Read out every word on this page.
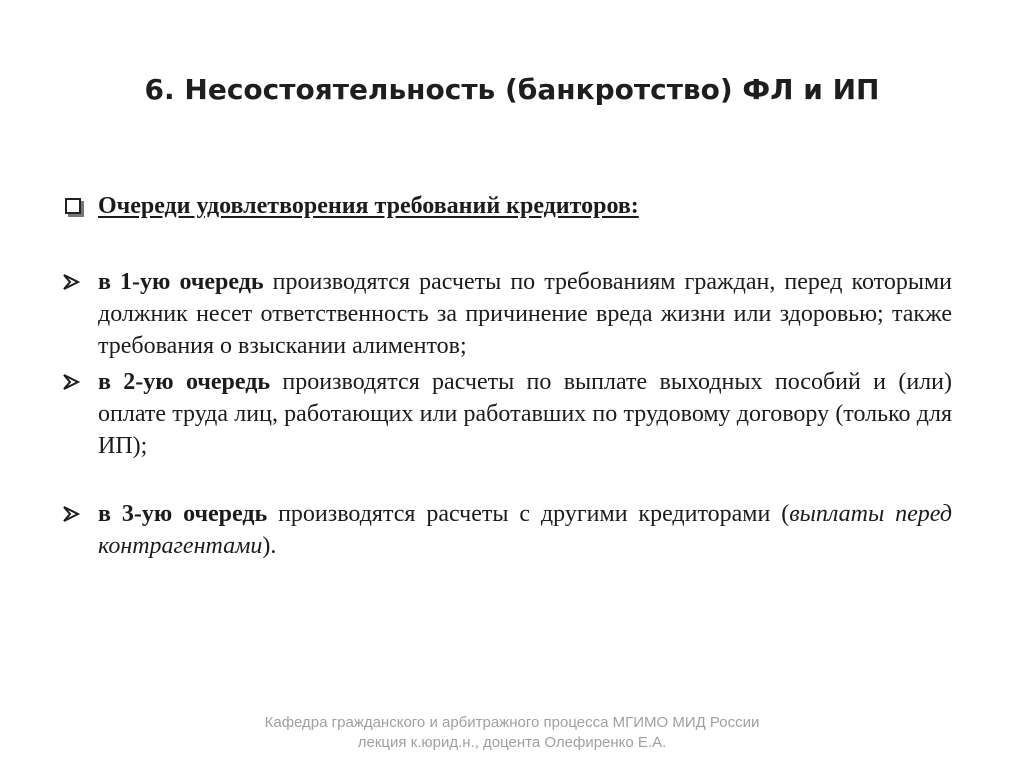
6. Несостоятельность (банкротство) ФЛ и ИП
Очереди удовлетворения требований кредиторов:
в 1-ую очередь производятся расчеты по требованиям граждан, перед которыми должник несет ответственность за причинение вреда жизни или здоровью; также требования о взыскании алиментов;
в 2-ую очередь производятся расчеты по выплате выходных пособий и (или) оплате труда лиц, работающих или работавших по трудовому договору (только для ИП);
в 3-ую очередь производятся расчеты с другими кредиторами (выплаты перед контрагентами).
Кафедра гражданского и арбитражного процесса МГИМО МИД России
лекция к.юрид.н., доцента Олефиренко Е.А.
